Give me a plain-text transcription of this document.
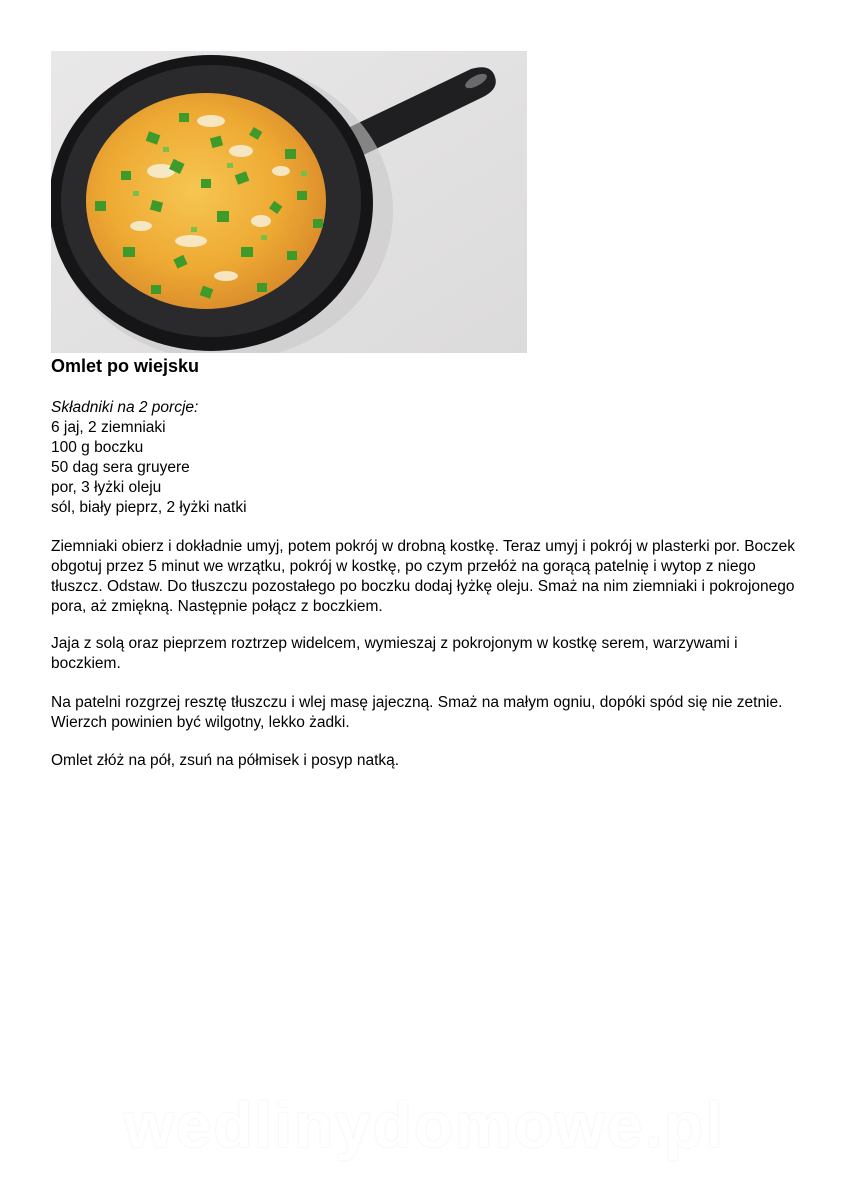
Omlet po wiejsku
Składniki na 2 porcje:
6 jaj, 2 ziemniaki
100 g boczku
50 dag sera gruyere
por, 3 łyżki oleju
sól, biały pieprz, 2 łyżki natki

Ziemniaki obierz i dokładnie umyj, potem pokrój w drobną kostkę. Teraz umyj i pokrój w plasterki por. Boczek obgotuj przez 5 minut we wrzątku, pokrój w kostkę, po czym przełóż na gorącą patelnię i wytop z niego tłuszcz. Odstaw. Do tłuszczu pozostałego po boczku dodaj łyżkę oleju. Smaż na nim ziemniaki i pokrojonego pora, aż zmiękną. Następnie połącz z boczkiem.

Jaja z solą oraz pieprzem roztrzep widelcem, wymieszaj z pokrojonym w kostkę serem, warzywami i boczkiem.

Na patelni rozgrzej resztę tłuszczu i wlej masę jajeczną. Smaż na małym ogniu, dopóki spód się nie zetnie. Wierzch powinien być wilgotny, lekko żadki.

Omlet złóż na pół, zsuń na półmisek i posyp natką.

wedlinydomowe.pl
